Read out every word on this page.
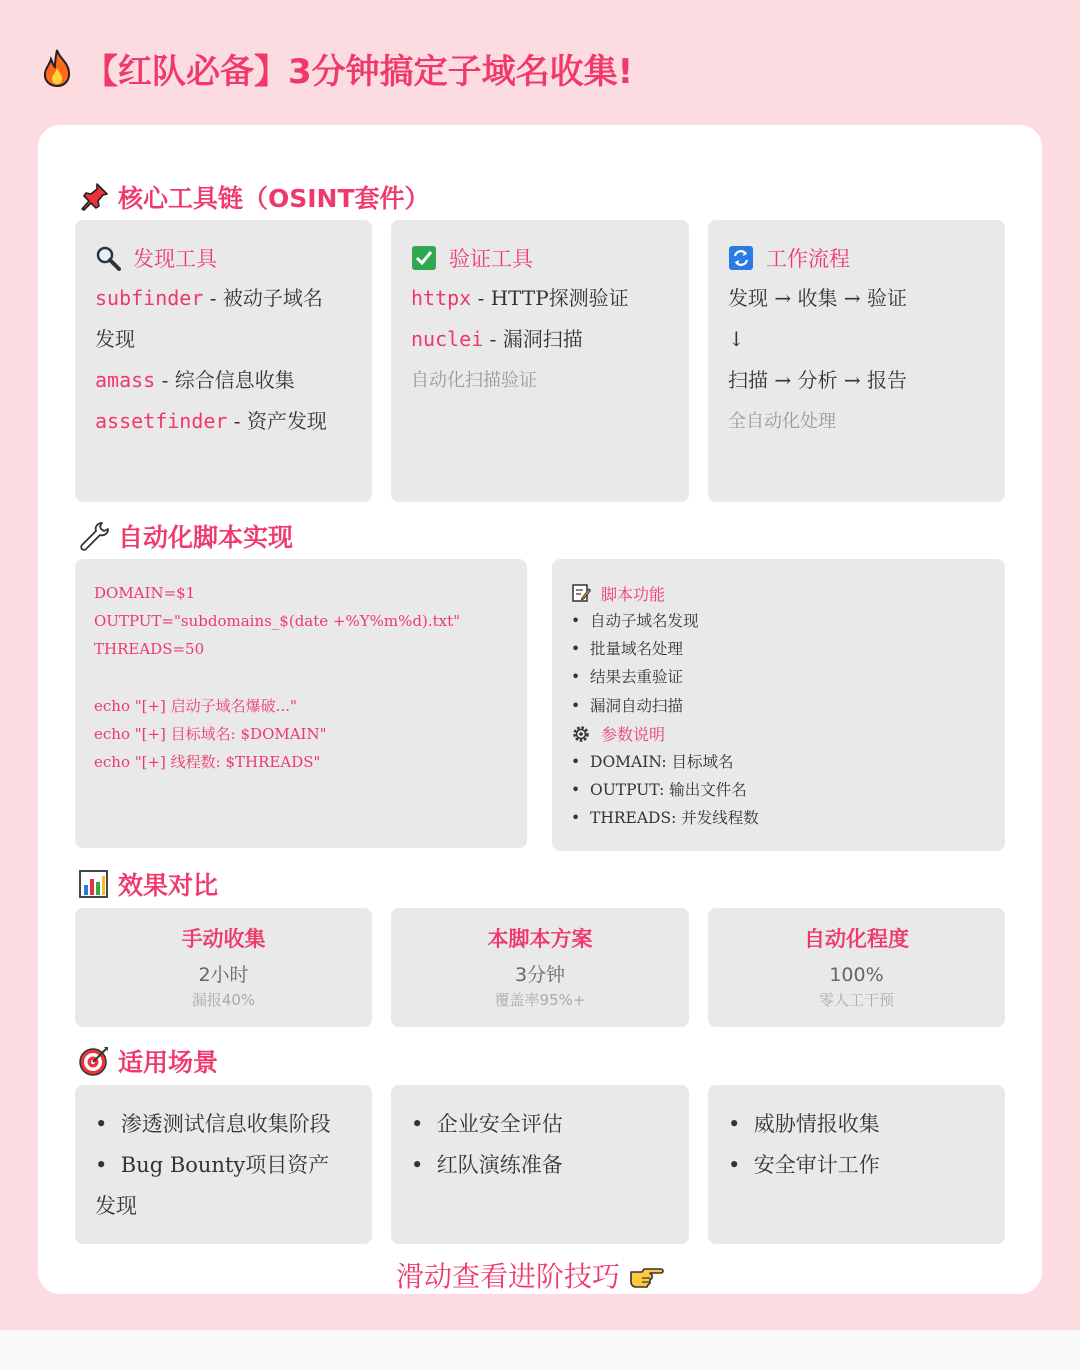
【红队必备】3分钟搞定子域名收集!
核心工具链（OSINT套件）
发现工具
subfinder - 被动子域名
发现
amass - 综合信息收集
assetfinder - 资产发现
验证工具
httpx - HTTP探测验证
nuclei - 漏洞扫描
自动化扫描验证
工作流程
发现 → 收集 → 验证
↓
扫描 → 分析 → 报告
全自动化处理
自动化脚本实现
DOMAIN=$1
OUTPUT="subdomains_$(date +%Y%m%d).txt"
THREADS=50

echo "[+] 启动子域名爆破..."
echo "[+] 目标域名: $DOMAIN"
echo "[+] 线程数: $THREADS"
脚本功能
• 自动子域名发现
• 批量域名处理
• 结果去重验证
• 漏洞自动扫描
参数说明
• DOMAIN: 目标域名
• OUTPUT: 输出文件名
• THREADS: 并发线程数
效果对比
手动收集
2小时
漏报40%
本脚本方案
3分钟
覆盖率95%+
自动化程度
100%
零人工干预
适用场景
• 渗透测试信息收集阶段
• Bug Bounty项目资产发现
• 企业安全评估
• 红队演练准备
• 威胁情报收集
• 安全审计工作
滑动查看进阶技巧
